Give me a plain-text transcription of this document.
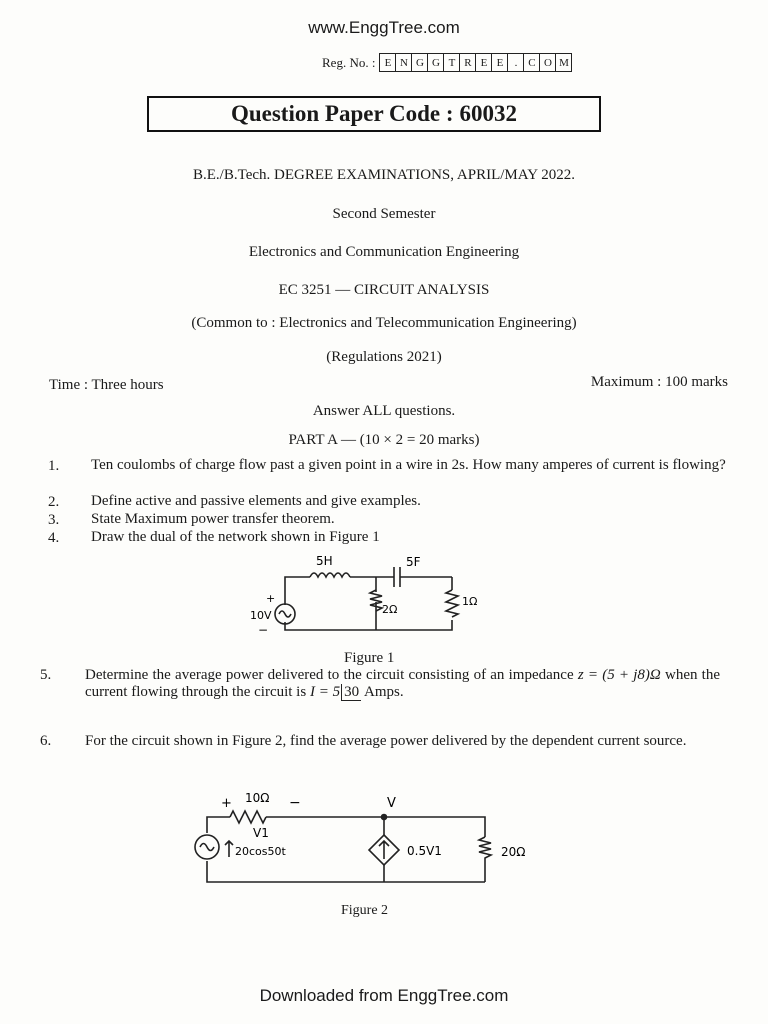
www.EnggTree.com
Reg. No. : E N G G T R E E	. C O M
Question Paper Code : 60032
B.E./B.Tech. DEGREE EXAMINATIONS, APRIL/MAY 2022.
Second Semester
Electronics and Communication Engineering
EC 3251 — CIRCUIT ANALYSIS
(Common to : Electronics and Telecommunication Engineering)
(Regulations 2021)
Time : Three hours	Maximum : 100 marks
Answer ALL questions.
PART A — (10 × 2 = 20 marks)
1.	Ten coulombs of charge flow past a given point in a wire in 2s. How many amperes of current is flowing?
2.	Define active and passive elements and give examples.
3.	State Maximum power transfer theorem.
4.	Draw the dual of the network shown in Figure 1
5H	5F
2Ω
1Ω
10V
+
−
Figure 1
5.	Determine the average power delivered to the circuit consisting of an impedance z = (5 + j8)Ω when the current flowing through the circuit is I = 5 30 Amps.
6.	For the circuit shown in Figure 2, find the average power delivered by the dependent current source.
+ 10Ω −	V
V1
20cos50t	0.5V1	20Ω
Figure 2
Downloaded from EnggTree.com
